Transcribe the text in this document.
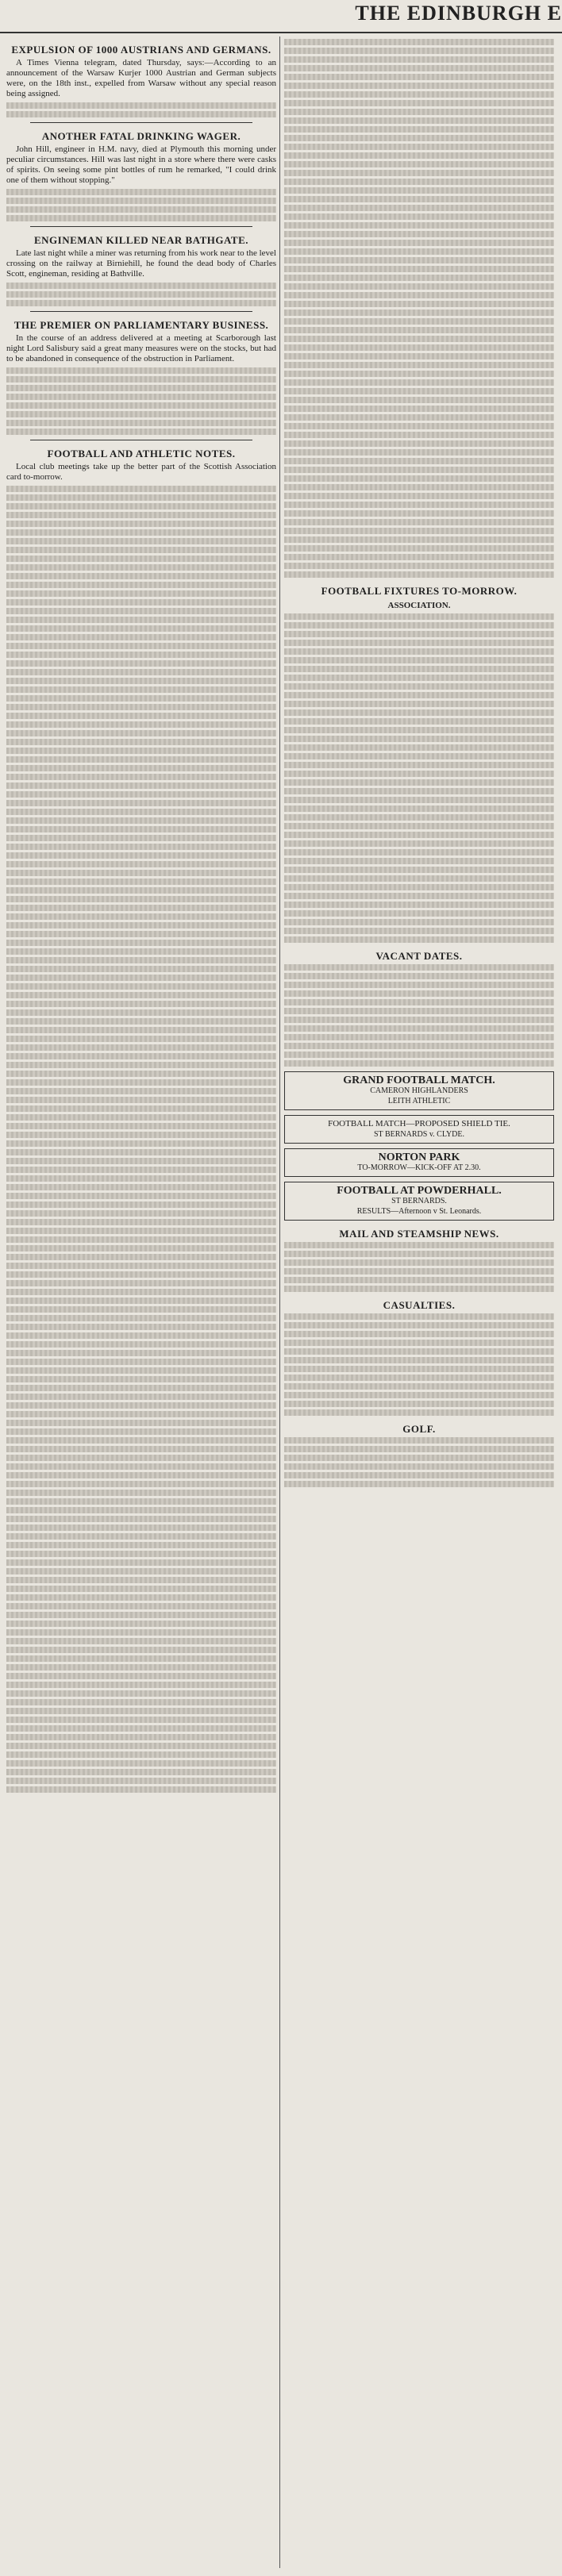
THE EDINBURGH E
EXPULSION OF 1000 AUSTRIANS AND GERMANS.

A Times Vienna telegram, dated Thursday, says:—According to an announcement of the Warsaw Kurjer 1000 Austrian and German subjects were, on the 18th inst., expelled from Warsaw without any special reason being assigned.

ANOTHER FATAL DRINKING WAGER.

John Hill, engineer in H.M. navy, died at Plymouth this morning under peculiar circumstances. Hill was last night in a store where there were casks of spirits. On seeing some pint bottles of rum he remarked, "I could drink one of them without stopping."

ENGINEMAN KILLED NEAR BATHGATE.

Late last night while a miner was returning from his work near to the level crossing on the railway at Birniehill, he found the dead body of Charles Scott, engineman, residing at Bathville.

THE PREMIER ON PARLIAMENTARY BUSINESS.

In the course of an address delivered at a meeting at Scarborough last night Lord Salisbury said a great many measures were on the stocks, but had to be abandoned in consequence of the obstruction in Parliament.

FOOTBALL AND ATHLETIC NOTES.

Local club meetings take up the better part of the Scottish Association card to-morrow.

FOOTBALL FIXTURES TO-MORROW.
ASSOCIATION.
VACANT DATES.
GRAND FOOTBALL MATCH.
CAMERON HIGHLANDERS
LEITH ATHLETIC
FOOTBALL MATCH—PROPOSED SHIELD TIE.
ST BERNARDS v. CLYDE.
NORTON PARK
TO-MORROW—KICK-OFF AT 2.30.
FOOTBALL AT POWDERHALL.
ST BERNARDS.
RESULTS—Afternoon v St. Leonards.
MAIL AND STEAMSHIP NEWS.
CASUALTIES.
GOLF.
